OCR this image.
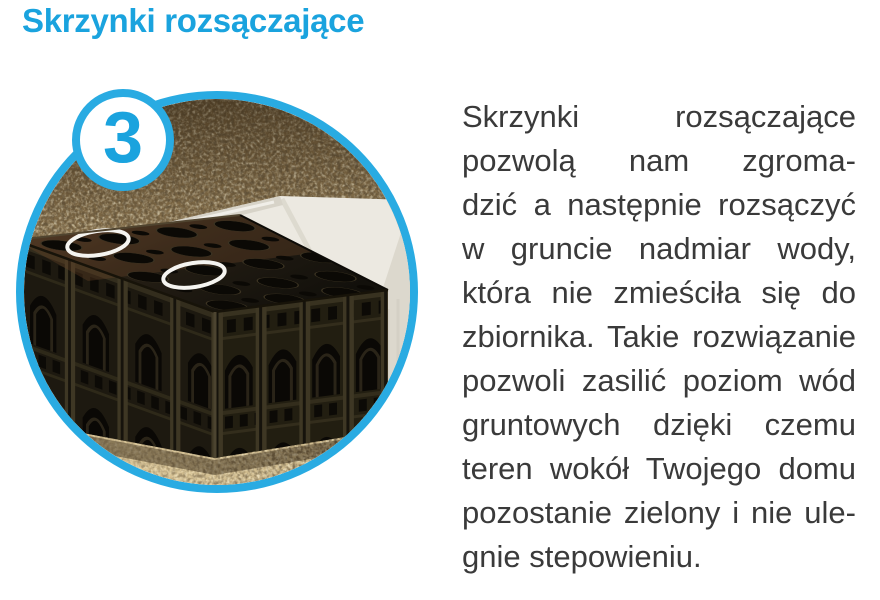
Skrzynki rozsączające
3	Skrzynki rozsączające
pozwolą nam zgroma-
dzić a następnie rozsączyć
w gruncie nadmiar wody,
która nie zmieściła się do
zbiornika. Takie rozwiązanie
pozwoli zasilić poziom wód
gruntowych dzięki czemu
teren wokół Twojego domu
pozostanie zielony i nie ule-
gnie stepowieniu.
